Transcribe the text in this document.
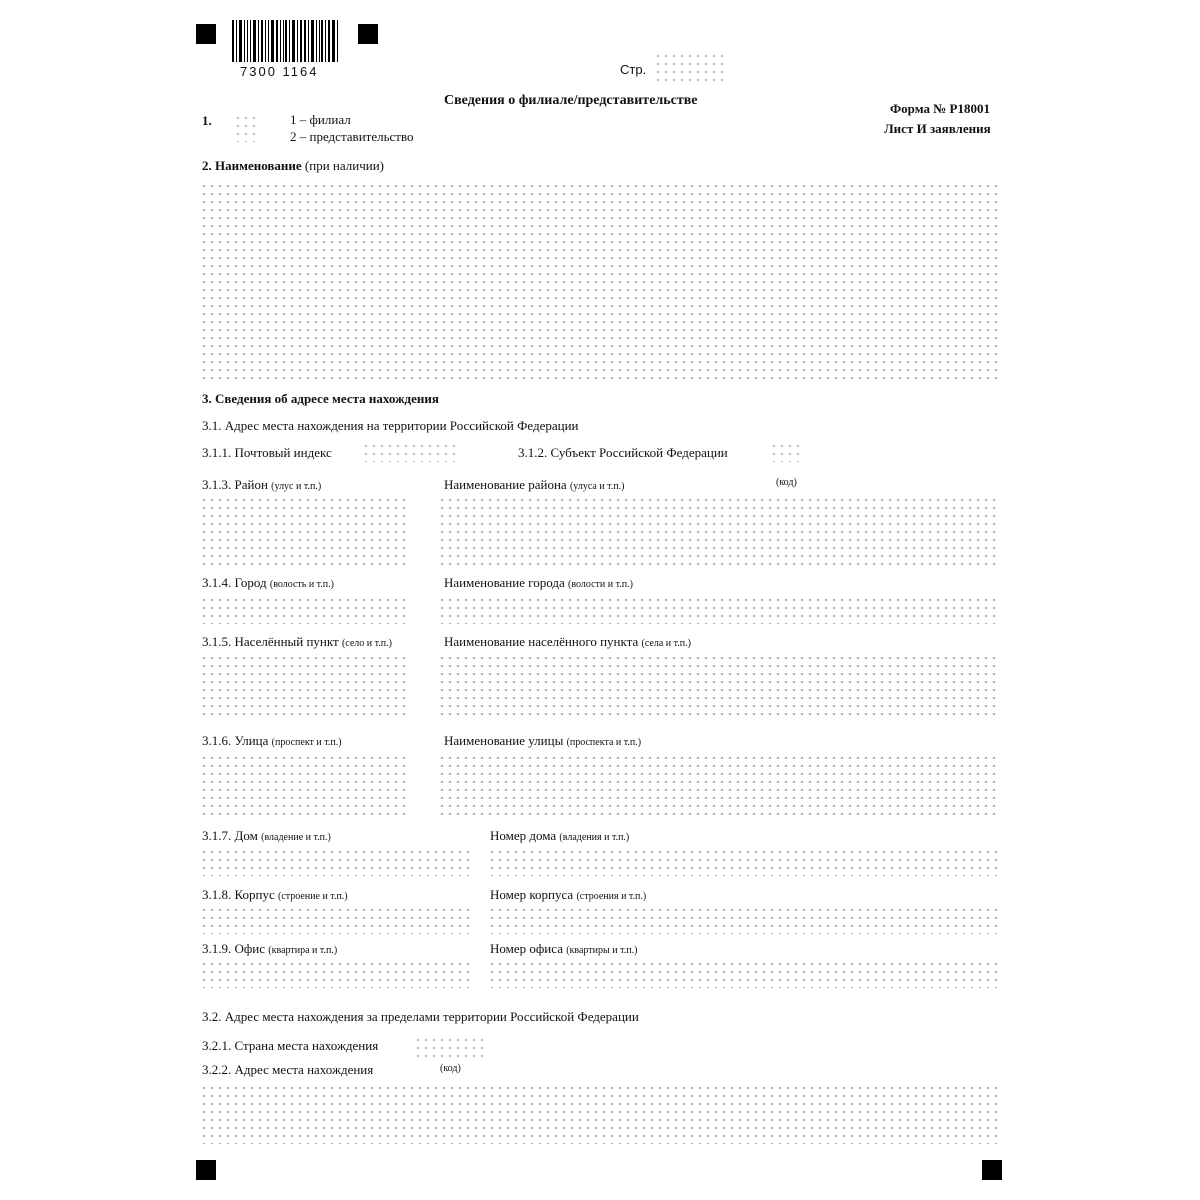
7300 1164	Стр.
Сведения о филиале/представительстве
Форма № Р18001
Лист И заявления
1.	1 – филиал
2 – представительство
2. Наименование (при наличии)
3. Сведения об адресе места нахождения
3.1. Адрес места нахождения на территории Российской Федерации
3.1.1. Почтовый индекс	3.1.2. Субъект Российской Федерации
3.1.3. Район (улус и т.п.)	Наименование района (улуса и т.п.)	(код)
3.1.4. Город (волость и т.п.)	Наименование города (волости и т.п.)
3.1.5. Населённый пункт (село и т.п.)	Наименование населённого пункта (села и т.п.)
3.1.6. Улица (проспект и т.п.)	Наименование улицы (проспекта и т.п.)
3.1.7. Дом (владение и т.п.)	Номер дома (владения и т.п.)
3.1.8. Корпус (строение и т.п.)	Номер корпуса (строения и т.п.)
3.1.9. Офис (квартира и т.п.)	Номер офиса (квартиры и т.п.)
3.2. Адрес места нахождения за пределами территории Российской Федерации
3.2.1. Страна места нахождения
3.2.2. Адрес места нахождения	(код)
